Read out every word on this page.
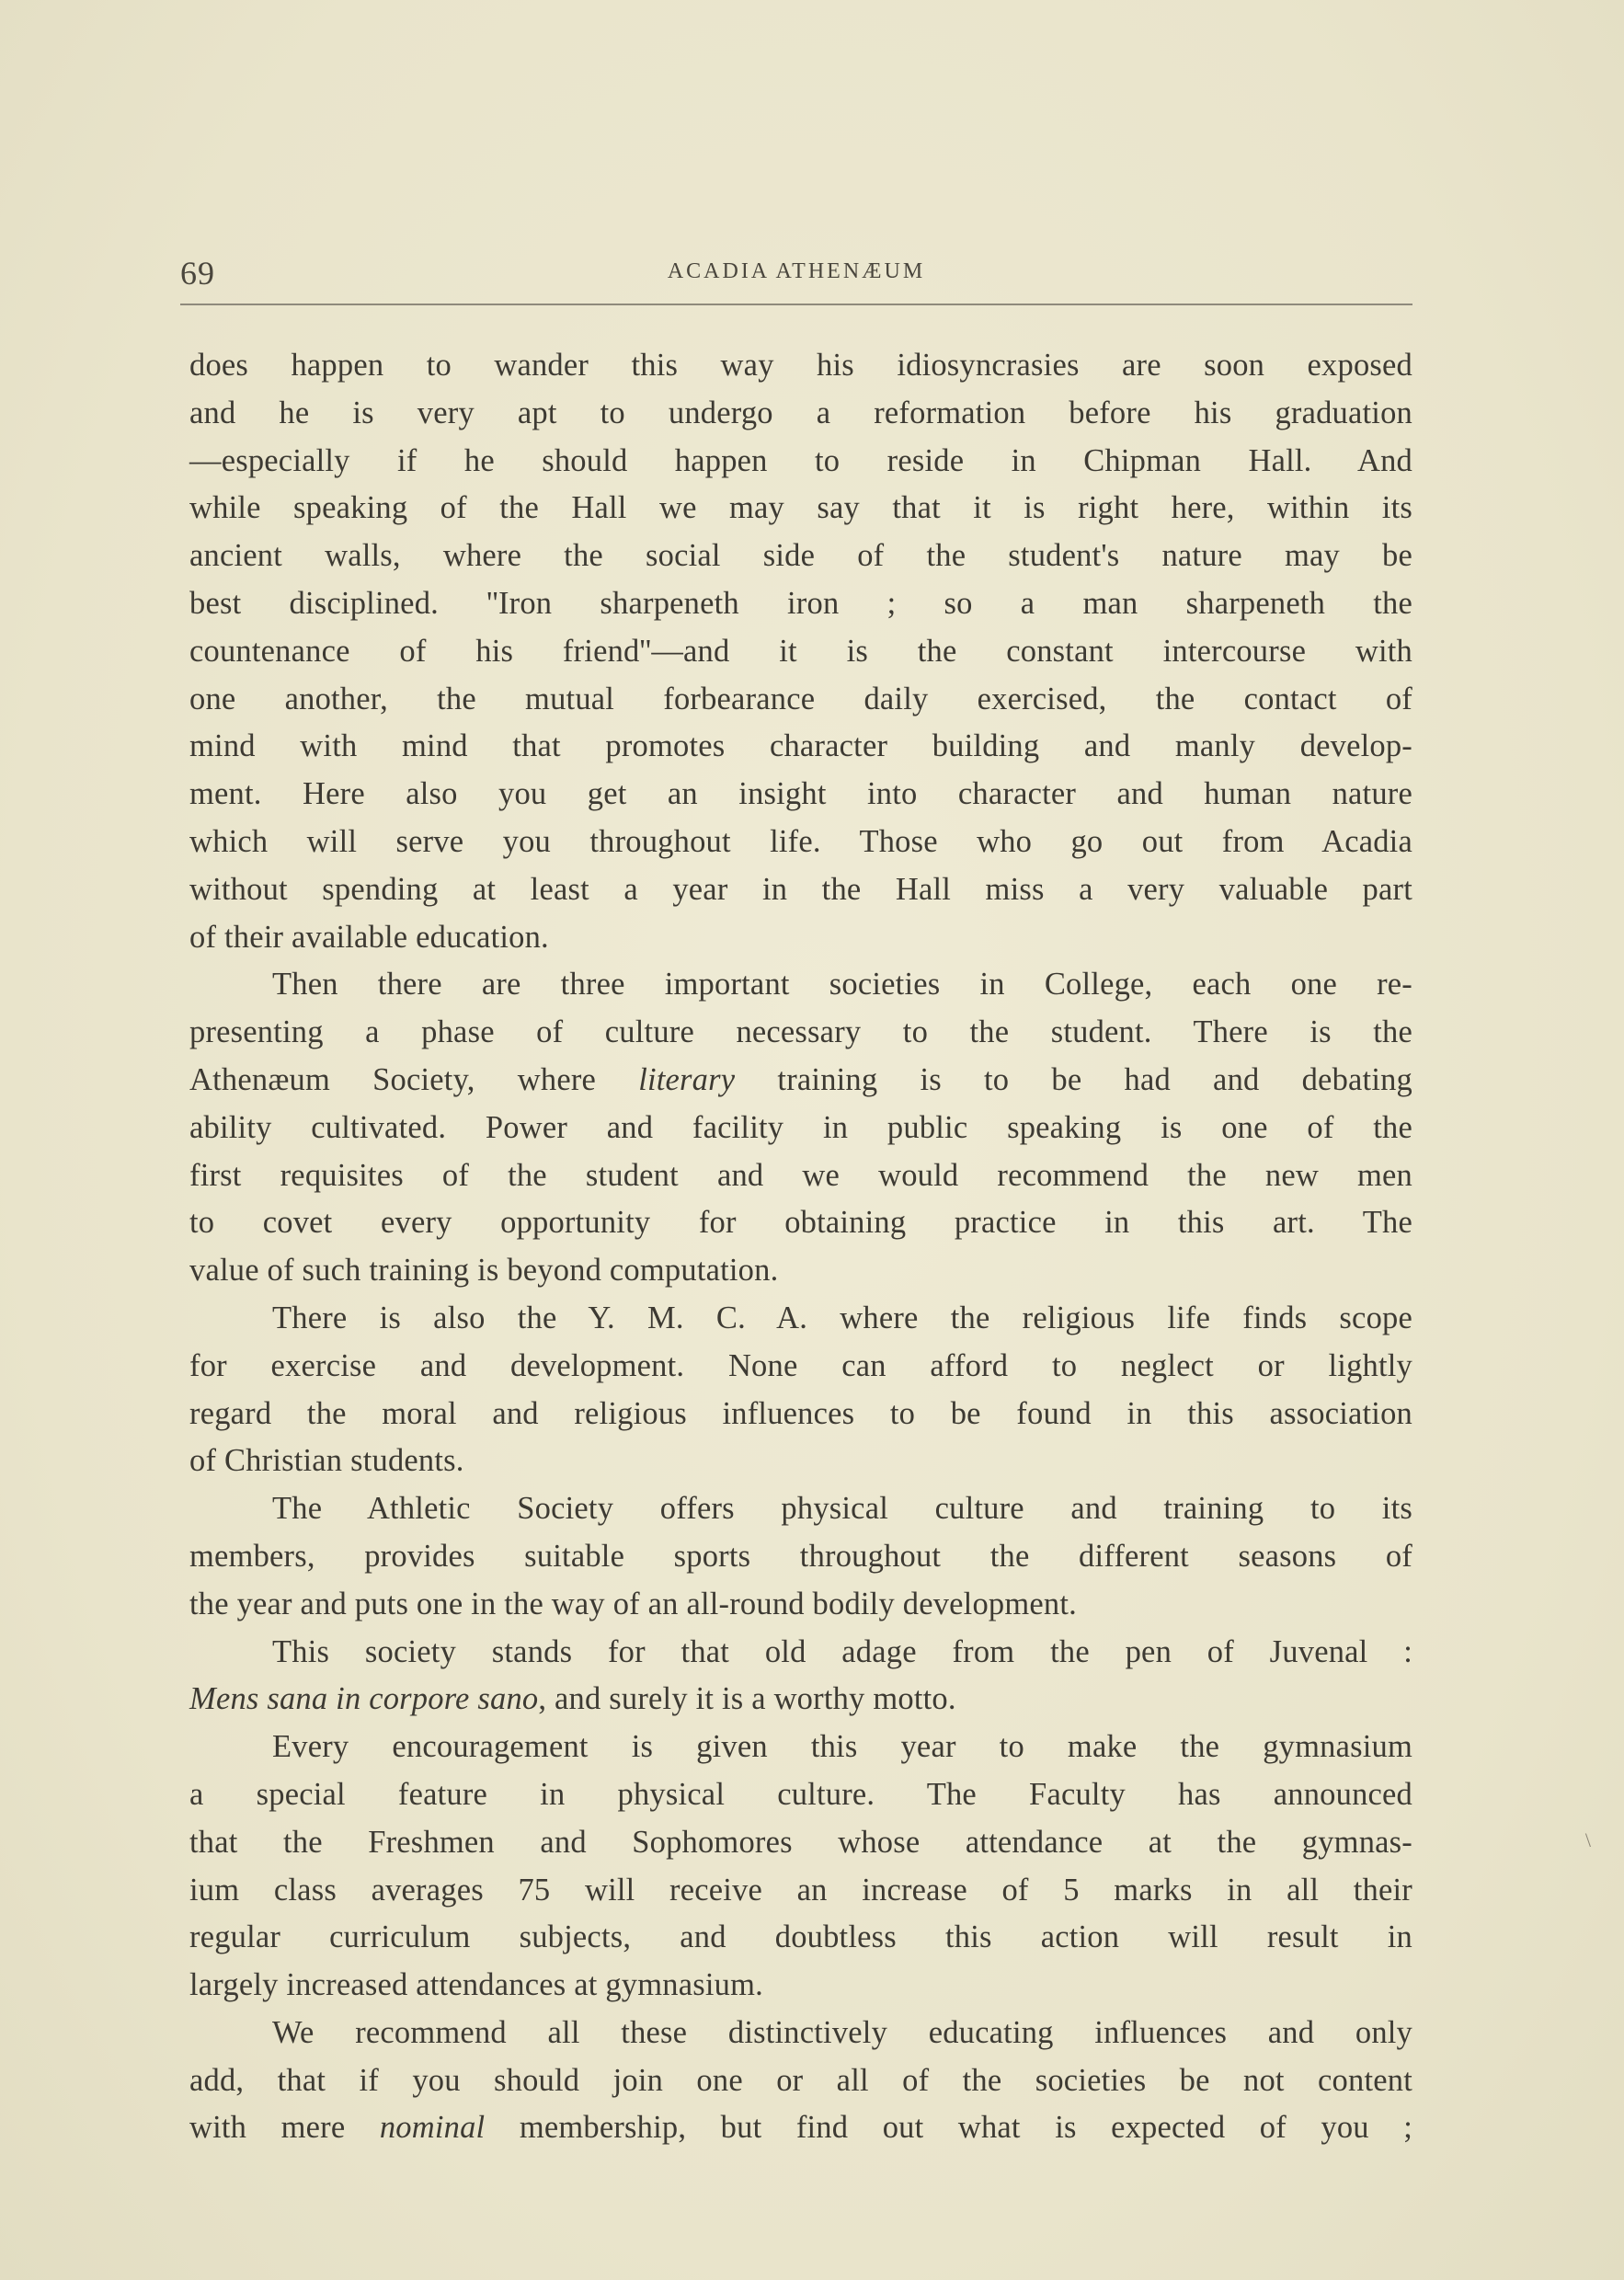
69	ACADIA ATHENÆUM
does happen to wander this way his idiosyncrasies are soon exposed
and he is very apt to undergo a reformation before his graduation
—especially if he should happen to reside in Chipman Hall. And
while speaking of the Hall we may say that it is right here, within its
ancient walls, where the social side of the student's nature may be
best disciplined. ''Iron sharpeneth iron ; so a man sharpeneth the
countenance of his friend''—and it is the constant intercourse with
one another, the mutual forbearance daily exercised, the contact of
mind with mind that promotes character building and manly develop-
ment. Here also you get an insight into character and human nature
which will serve you throughout life. Those who go out from Acadia
without spending at least a year in the Hall miss a very valuable part
of their available education.
Then there are three important societies in College, each one re-
presenting a phase of culture necessary to the student. There is the
Athenæum Society, where literary training is to be had and debating
ability cultivated. Power and facility in public speaking is one of the
first requisites of the student and we would recommend the new men
to covet every opportunity for obtaining practice in this art. The
value of such training is beyond computation.
There is also the Y. M. C. A. where the religious life finds scope
for exercise and development. None can afford to neglect or lightly
regard the moral and religious influences to be found in this association
of Christian students.
The Athletic Society offers physical culture and training to its
members, provides suitable sports throughout the different seasons of
the year and puts one in the way of an all-round bodily development.
This society stands for that old adage from the pen of Juvenal :
Mens sana in corpore sano, and surely it is a worthy motto.
Every encouragement is given this year to make the gymnasium
a special feature in physical culture. The Faculty has announced
that the Freshmen and Sophomores whose attendance at the gymnas-
ium class averages 75 will receive an increase of 5 marks in all their
regular curriculum subjects, and doubtless this action will result in
largely increased attendances at gymnasium.
We recommend all these distinctively educating influences and only
add, that if you should join one or all of the societies be not content
with mere nominal membership, but find out what is expected of you ;
\
